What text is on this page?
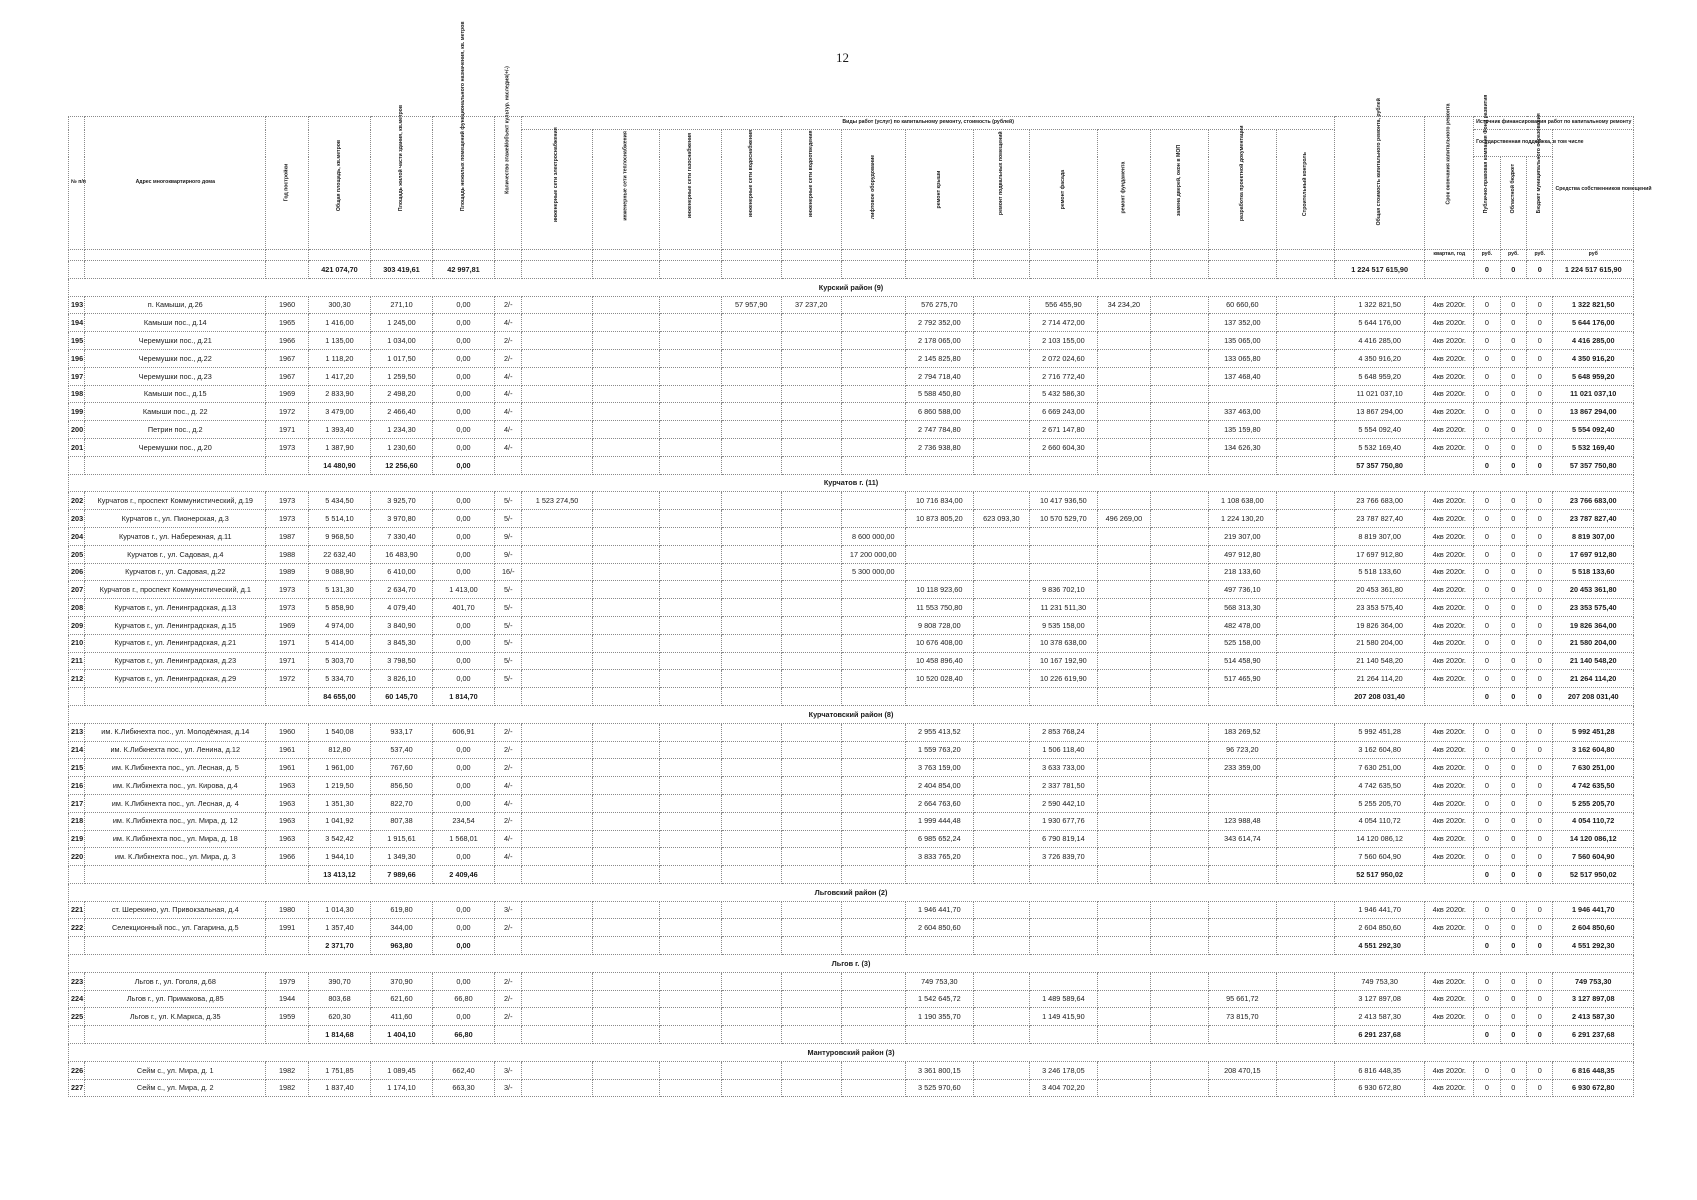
12
№ п/п	Адрес многоквартирного дома	Год постройки	Общая площадь, кв.метров	Площадь жилой части здания, кв.метров	Площадь нежилых помещений функционального назначения, кв. метров	Количество этажей/объект культур. наследия(+/-)	Виды работ (услуг) по капитальному ремонту, стоимость (рублей)													Общая стоимость капитального ремонта, рублей	Срок окончания капитального ремонта	Источник финансирования работ по капитальному ремонту			

							инженерные сети электроснабжения	инженерные сети теплоснабжения	инженерные сети газоснабжения	инженерные сети водоснабжения	инженерные сети водоотведения	лифтовое оборудование	ремонт крыши	ремонт подвальных помещений	ремонт фасада	ремонт фундамента	замена дверей, окон в МОП	разработка проектной документации	Строительный контроль			Государственная поддержка, в том числе			Средства собственников помещений

																						Публично-правовая компания Фонд развития	Областной бюджет	Бюджет муниципального образования	

																					квартал, год	руб.	руб.	руб.	руб
			421 074,70	303 419,61	42 997,81															1 224 517 615,90		0	0	0	1 224 517 615,90
Курский район (9)																									
193	п. Камыши, д.26	1960	300,30	271,10	0,00	2/-				57 957,90	37 237,20		576 275,70		556 455,90	34 234,20		60 660,60		1 322 821,50	4кв 2020г.	0	0	0	1 322 821,50
194	Камыши пос., д.14	1965	1 416,00	1 245,00	0,00	4/-							2 792 352,00		2 714 472,00			137 352,00		5 644 176,00	4кв 2020г.	0	0	0	5 644 176,00
195	Черемушки пос., д.21	1966	1 135,00	1 034,00	0,00	2/-							2 178 065,00		2 103 155,00			135 065,00		4 416 285,00	4кв 2020г.	0	0	0	4 416 285,00
196	Черемушки пос., д.22	1967	1 118,20	1 017,50	0,00	2/-							2 145 825,80		2 072 024,60			133 065,80		4 350 916,20	4кв 2020г.	0	0	0	4 350 916,20
197	Черемушки пос., д.23	1967	1 417,20	1 259,50	0,00	4/-							2 794 718,40		2 716 772,40			137 468,40		5 648 959,20	4кв 2020г.	0	0	0	5 648 959,20
198	Камыши пос., д.15	1969	2 833,90	2 498,20	0,00	4/-							5 588 450,80		5 432 586,30					11 021 037,10	4кв 2020г.	0	0	0	11 021 037,10
199	Камыши пос., д. 22	1972	3 479,00	2 466,40	0,00	4/-							6 860 588,00		6 669 243,00			337 463,00		13 867 294,00	4кв 2020г.	0	0	0	13 867 294,00
200	Петрин пос., д.2	1971	1 393,40	1 234,30	0,00	4/-							2 747 784,80		2 671 147,80			135 159,80		5 554 092,40	4кв 2020г.	0	0	0	5 554 092,40
201	Черемушки пос., д.20	1973	1 387,90	1 230,60	0,00	4/-							2 736 938,80		2 660 604,30			134 626,30		5 532 169,40	4кв 2020г.	0	0	0	5 532 169,40
			14 480,90	12 256,60	0,00															57 357 750,80		0	0	0	57 357 750,80
Курчатов г. (11)																									
202	Курчатов г., проспект Коммунистический, д.19	1973	5 434,50	3 925,70	0,00	5/-	1 523 274,50						10 716 834,00		10 417 936,50			1 108 638,00		23 766 683,00	4кв 2020г.	0	0	0	23 766 683,00
203	Курчатов г., ул. Пионерская, д.3	1973	5 514,10	3 970,80	0,00	5/-							10 873 805,20	623 093,30	10 570 529,70	496 269,00		1 224 130,20		23 787 827,40	4кв 2020г.	0	0	0	23 787 827,40
204	Курчатов г., ул. Набережная, д.11	1987	9 968,50	7 330,40	0,00	9/-						8 600 000,00						219 307,00		8 819 307,00	4кв 2020г.	0	0	0	8 819 307,00
205	Курчатов г., ул. Садовая, д.4	1988	22 632,40	16 483,90	0,00	9/-						17 200 000,00						497 912,80		17 697 912,80	4кв 2020г.	0	0	0	17 697 912,80
206	Курчатов г., ул. Садовая, д.22	1989	9 088,90	6 410,00	0,00	16/-						5 300 000,00						218 133,60		5 518 133,60	4кв 2020г.	0	0	0	5 518 133,60
207	Курчатов г., проспект Коммунистический, д.1	1973	5 131,30	2 634,70	1 413,00	5/-							10 118 923,60		9 836 702,10			497 736,10		20 453 361,80	4кв 2020г.	0	0	0	20 453 361,80
208	Курчатов г., ул. Ленинградская, д.13	1973	5 858,90	4 079,40	401,70	5/-							11 553 750,80		11 231 511,30			568 313,30		23 353 575,40	4кв 2020г.	0	0	0	23 353 575,40
209	Курчатов г., ул. Ленинградская, д.15	1969	4 974,00	3 840,90	0,00	5/-							9 808 728,00		9 535 158,00			482 478,00		19 826 364,00	4кв 2020г.	0	0	0	19 826 364,00
210	Курчатов г., ул. Ленинградская, д.21	1971	5 414,00	3 845,30	0,00	5/-							10 676 408,00		10 378 638,00			525 158,00		21 580 204,00	4кв 2020г.	0	0	0	21 580 204,00
211	Курчатов г., ул. Ленинградская, д.23	1971	5 303,70	3 798,50	0,00	5/-							10 458 896,40		10 167 192,90			514 458,90		21 140 548,20	4кв 2020г.	0	0	0	21 140 548,20
212	Курчатов г., ул. Ленинградская, д.29	1972	5 334,70	3 826,10	0,00	5/-							10 520 028,40		10 226 619,90			517 465,90		21 264 114,20	4кв 2020г.	0	0	0	21 264 114,20
			84 655,00	60 145,70	1 814,70															207 208 031,40		0	0	0	207 208 031,40
Курчатовский район (8)																									
213	им. К.Либкнехта пос., ул. Молодёжная, д.14	1960	1 540,08	933,17	606,91	2/-							2 955 413,52		2 853 768,24			183 269,52		5 992 451,28	4кв 2020г.	0	0	0	5 992 451,28
214	им. К.Либкнехта пос., ул. Ленина, д.12	1961	812,80	537,40	0,00	2/-							1 559 763,20		1 506 118,40			96 723,20		3 162 604,80	4кв 2020г.	0	0	0	3 162 604,80
215	им. К.Либкнехта пос., ул. Лесная, д. 5	1961	1 961,00	767,60	0,00	2/-							3 763 159,00		3 633 733,00			233 359,00		7 630 251,00	4кв 2020г.	0	0	0	7 630 251,00
216	им. К.Либкнехта пос., ул. Кирова, д.4	1963	1 219,50	856,50	0,00	4/-							2 404 854,00		2 337 781,50					4 742 635,50	4кв 2020г.	0	0	0	4 742 635,50
217	им. К.Либкнехта пос., ул. Лесная, д. 4	1963	1 351,30	822,70	0,00	4/-							2 664 763,60		2 590 442,10					5 255 205,70	4кв 2020г.	0	0	0	5 255 205,70
218	им. К.Либкнехта пос., ул. Мира, д. 12	1963	1 041,92	807,38	234,54	2/-							1 999 444,48		1 930 677,76			123 988,48		4 054 110,72	4кв 2020г.	0	0	0	4 054 110,72
219	им. К.Либкнехта пос., ул. Мира, д. 18	1963	3 542,42	1 915,61	1 568,01	4/-							6 985 652,24		6 790 819,14			343 614,74		14 120 086,12	4кв 2020г.	0	0	0	14 120 086,12
220	им. К.Либкнехта пос., ул. Мира, д. 3	1966	1 944,10	1 349,30	0,00	4/-							3 833 765,20		3 726 839,70					7 560 604,90	4кв 2020г.	0	0	0	7 560 604,90
			13 413,12	7 989,66	2 409,46															52 517 950,02		0	0	0	52 517 950,02
Льговский район (2)																									
221	ст. Шерекино, ул. Привокзальная, д.4	1980	1 014,30	619,80	0,00	3/-							1 946 441,70							1 946 441,70	4кв 2020г.	0	0	0	1 946 441,70
222	Селекционный пос., ул. Гагарина, д.5	1991	1 357,40	344,00	0,00	2/-							2 604 850,60							2 604 850,60	4кв 2020г.	0	0	0	2 604 850,60
			2 371,70	963,80	0,00															4 551 292,30		0	0	0	4 551 292,30
Льгов г. (3)																									
223	Льгов г., ул. Гоголя, д.68	1979	390,70	370,90	0,00	2/-							749 753,30							749 753,30	4кв 2020г.	0	0	0	749 753,30
224	Льгов г., ул. Примакова, д.85	1944	803,68	621,60	66,80	2/-							1 542 645,72		1 489 589,64			95 661,72		3 127 897,08	4кв 2020г.	0	0	0	3 127 897,08
225	Льгов г., ул. К.Маркса, д.35	1959	620,30	411,60	0,00	2/-							1 190 355,70		1 149 415,90			73 815,70		2 413 587,30	4кв 2020г.	0	0	0	2 413 587,30
			1 814,68	1 404,10	66,80															6 291 237,68		0	0	0	6 291 237,68
Мантуровский район (3)																									
226	Сейм с., ул. Мира, д. 1	1982	1 751,85	1 089,45	662,40	3/-							3 361 800,15		3 246 178,05			208 470,15		6 816 448,35	4кв 2020г.	0	0	0	6 816 448,35
227	Сейм с., ул. Мира, д. 2	1982	1 837,40	1 174,10	663,30	3/-							3 525 970,60		3 404 702,20					6 930 672,80	4кв 2020г.	0	0	0	6 930 672,80
